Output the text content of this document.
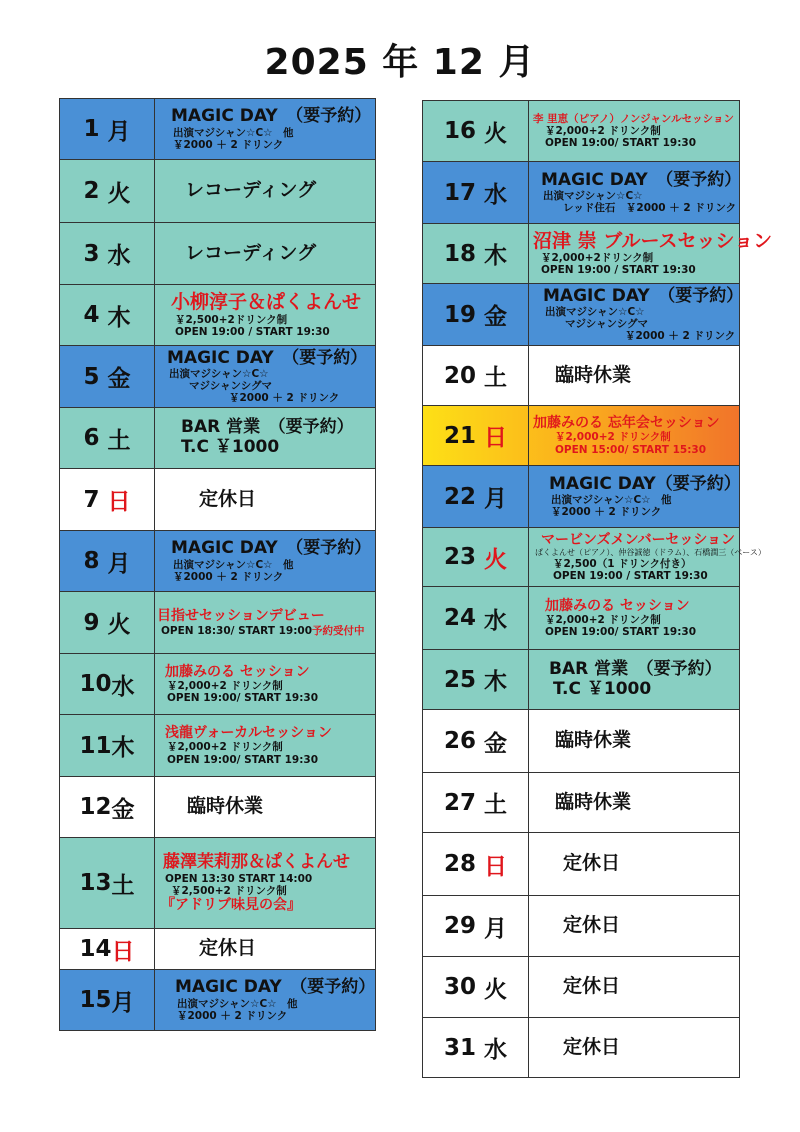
2025 年 12 月
1 月
MAGIC DAY　（要予約）
出演マジシャン☆C☆　他
￥2000 ＋ 2 ドリンク
2 火	レコーディング
3 水	レコーディング
4 木
小柳淳子＆ぱくよんせ
￥2,500+2ドリンク制
OPEN 19:00 / START 19:30
5 金
MAGIC DAY　（要予約）
出演マジシャン☆C☆
マジシャンシグマ
￥2000 ＋ 2 ドリンク
6 土
BAR 営業　（要予約）
T.C ￥1000
7 日	定休日
8 月
MAGIC DAY　（要予約）
出演マジシャン☆C☆　他
￥2000 ＋ 2 ドリンク
9 火 目指せセッションデビュー
OPEN 18:30/ START 19:00予約受付中
10 水
加藤みのる セッション
￥2,000+2 ドリンク制
OPEN 19:00/ START 19:30
11 木
浅龍ヴォーカルセッション
￥2,000+2 ドリンク制
OPEN 19:00/ START 19:30
12 金	臨時休業
13 土
藤澤茉莉那＆ぱくよんせ
OPEN 13:30 START 14:00
￥2,500+2 ドリンク制
『アドリブ味見の会』
14 日	定休日
15 月
MAGIC DAY　（要予約）
出演マジシャン☆C☆　他
￥2000 ＋ 2 ドリンク
16 火
李 里恵（ピアノ）ノンジャンルセッション
￥2,000+2 ドリンク制
OPEN 19:00/ START 19:30
17 水
MAGIC DAY　（要予約）
出演マジシャン☆C☆
レッド住石　￥2000 ＋ 2 ドリンク
18 木
沼津 崇 ブルースセッション
￥2,000+2ドリンク制
OPEN 19:00 / START 19:30
19 金
MAGIC DAY　（要予約）
出演マジシャン☆C☆
マジシャンシグマ
￥2000 ＋ 2 ドリンク
20 土	臨時休業
21 日
加藤みのる 忘年会セッション
￥2,000+2 ドリンク制
OPEN 15:00/ START 15:30
22 月
MAGIC DAY（要予約）
出演マジシャン☆C☆　他
￥2000 ＋ 2 ドリンク
23 火
マービンズメンバーセッション
ぱくよんせ（ピアノ）、仲谷誠徳（ドラム）、石橋潤三（ベース）
￥2,500（1 ドリンク付き）
OPEN 19:00 / START 19:30
24 水
加藤みのる セッション
￥2,000+2 ドリンク制
OPEN 19:00/ START 19:30
25 木
BAR 営業　（要予約）
T.C ￥1000
26 金	臨時休業
27 土	臨時休業
28 日	定休日
29 月	定休日
30 火	定休日
31 水	定休日
